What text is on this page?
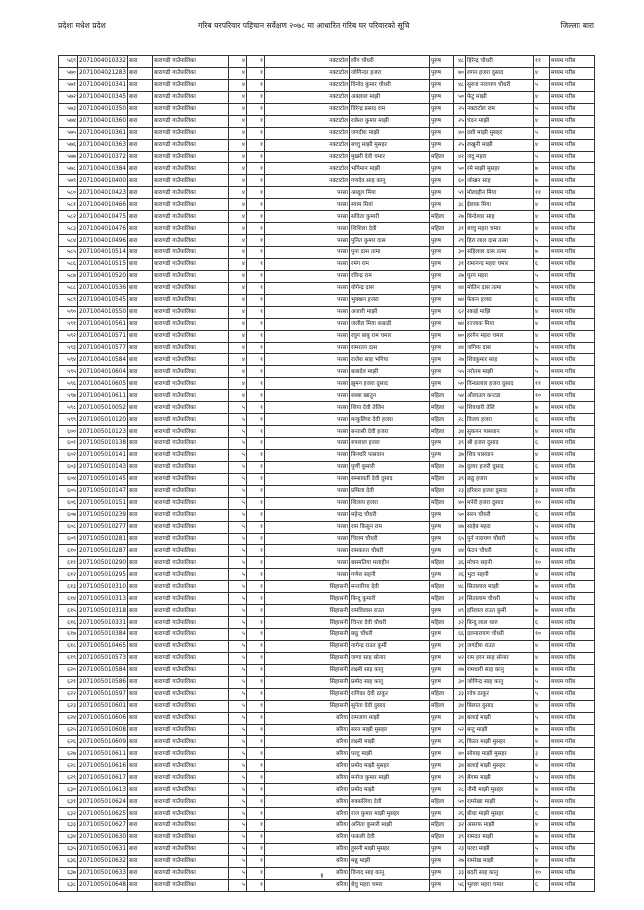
प्रदेशः मधेश प्रदेश	गरिब घरपरिवार पहिचान सर्वेक्षण २०७८ मा आधारित गरिब घर परिवारको सूचि	जिल्लाः बारा
५६९	2071004010332	बारा	बारागढी गाउँपालिका	४	१	नक्टाटोल	लौंग चौधरी	पुरुष	४८	हिरेन्द्र चौधरी	११	मध्यम गरीब
५७०	2071004021283	बारा	बारागढी गाउँपालिका	४	१	नक्टाटोल	जोगिन्दर हजरा	पुरुष	७०	लगन हजरा दुसाद	४	मध्यम गरीब
५७१	2071004010341	बारा	बारागढी गाउँपालिका	४	१	नक्टाटोल	विनोद कुमार चौधरी	पुरुष	४८	सुरुज नारायण चौधरी	५	मध्यम गरीब
५७२	2071004010345	बारा	बारागढी गाउँपालिका	४	१	नक्टाटोल	अक्लाल माझी	पुरुष	५०	फेटु माझी	४	मध्यम गरीब
५७३	2071004010350	बारा	बारागढी गाउँपालिका	४	१	नक्टाटोल	विरेन्द्र प्रसाद राम	पुरुष	२५	नक्टाटोल राम	५	मध्यम गरीब
५७४	2071004010360	बारा	बारागढी गाउँपालिका	४	१	नक्टाटोल	राकेश कुमार माझी	पुरुष	२५	चंदन माझी	४	मध्यम गरीब
५७५	2071004010361	बारा	बारागढी गाउँपालिका	४	१	नक्टाटोल	जगदीश माझी	पुरुष	४०	दशी माझी मुसहर	५	मध्यम गरीब
५७६	2071004010363	बारा	बारागढी गाउँपालिका	४	१	नक्टाटोल	बच्चु माझी मुसहर	पुरुष	२५	लखुनी माझी	४	मध्यम गरीब
५७७	2071004010372	बारा	बारागढी गाउँपालिका	४	१	नक्टाटोल	मुखरी देवी चमार	महिला	४२	जदु महरा	५	मध्यम गरीब
५७८	2071004010384	बारा	बारागढी गाउँपालिका	४	१	नक्टाटोल	भगिमान माझी	पुरुष	५०	रमे माझी मुसहर	७	मध्यम गरीब
५७९	2071004010400	बारा	बारागढी गाउँपालिका	४	१	नक्टाटोल	गणदेव साह कानु	पुरुष	६०	जोखन साह	७	मध्यम गरीब
५८०	2071004010423	बारा	बारागढी गाउँपालिका	४	१	परसा	अब्दुल मिंया	पुरुष	५९	मोलाहीन मिंया	११	मध्यम गरीब
५८१	2071004010466	बारा	बारागढी गाउँपालिका	४	१	परसा	स्याम मियां	पुरुष	३८	ईलाक मिया	४	मध्यम गरीब
५८२	2071004010475	बारा	बारागढी गाउँपालिका	४	१	परसा	सविता कुमारी	महिला	२७	बिन्देश्वर साह	४	मध्यम गरीब
५८३	2071004010476	बारा	बारागढी गाउँपालिका	४	१	परसा	शिशिला देवी	महिला	३१	बच्चु महरा चमार	४	मध्यम गरीब
५८४	2071004010496	बारा	बारागढी गाउँपालिका	४	१	परसा	पुनित कुमार दास	पुरुष	२९	हिरा लाल दास तत्मा	५	मध्यम गरीब
५८५	2071004010514	बारा	बारागढी गाउँपालिका	४	१	परसा	पुना दास तत्मा	पुरुष	३०	सहिलाल दास तत्मा	७	मध्यम गरीब
५८६	2071004010515	बारा	बारागढी गाउँपालिका	४	१	परसा	रमंग राम	पुरुष	३१	रामानन्द महरा चमार	६	मध्यम गरीब
५८७	2071004010520	बारा	बारागढी गाउँपालिका	४	१	परसा	रविन्द्र राम	पुरुष	२७	घुरन महरा	५	मध्यम गरीब
५८८	2071004010536	बारा	बारागढी गाउँपालिका	४	१	परसा	योगेन्द्र दास	पुरुष	४४	मोतिन दास तत्मा	५	मध्यम गरीब
५८९	2071004010545	बारा	बारागढी गाउँपालिका	४	१	परसा	भुक्खन हजरा	पुरुष	७४	फेकन हजरा	६	मध्यम गरीब
५९०	2071004010550	बारा	बारागढी गाउँपालिका	४	१	परसा	अजारी माझी	पुरुष	६२	रकाई माझि	४	मध्यम गरीब
५९१	2071004010561	बारा	बारागढी गाउँपालिका	४	१	परसा	जलील मिया कबाडी	पुरुष	७४	रज्जाक मिया	४	मध्यम गरीब
५९२	2071004010571	बारा	बारागढी गाउँपालिका	४	१	परसा	रघुन बाबु राम चमार	पुरुष	७०	हरगेन महरा चमार	४	मध्यम गरीब
५९३	2071004010577	बारा	बारागढी गाउँपालिका	४	१	परसा	रामरतन दास	पुरुष	४४	जगिया दास	५	मध्यम गरीब
५९४	2071004010584	बारा	बारागढी गाउँपालिका	४	१	परसा	राजेश साह भगिया	पुरुष	२७	शिवकुमार साह	५	मध्यम गरीब
५९५	2071004010604	बारा	बारागढी गाउँपालिका	४	१	परसा	बासदेव माझी	पुरुष	५५	नरोतम माझी	५	मध्यम गरीब
५९६	2071004010605	बारा	बारागढी गाउँपालिका	४	१	परसा	झुमन हजरा दुसाद	पुरुष	५०	विन्धालाल हजरा दुसाद	११	मध्यम गरीब
५९७	2071004010611	बारा	बारागढी गाउँपालिका	४	१	परसा	सब्बा खातुन	महिला	५४	औलाउल कन्टडा	१०	मध्यम गरीब
५९८	2071005010052	बारा	बारागढी गाउँपालिका	५	१	परसा	शिया देवी तेलिन	महिला	५४	शिवधारी तेलि	७	मध्यम गरीब
५९९	2071005010120	बारा	बारागढी गाउँपालिका	५	१	परसा	मन्कुलिया देवी हजरा	महिला	२८	विजय हजरा	६	मध्यम गरीब
६००	2071005010123	बारा	बारागढी गाउँपालिका	५	१	परसा	बन्तासी देवी हजरा	महिला	३४	सुकनन पासवान	४	मध्यम गरीब
६०१	2071005010138	बारा	बारागढी गाउँपालिका	५	१	परसा	रुपलाल हजरा	पुरुष	३९	श्री हजरा दुसाद	६	मध्यम गरीब
६०२	2071005010141	बारा	बारागढी गाउँपालिका	५	१	परसा	बिनधरि पासवान	पुरुष	३७	शिव पासवान	४	मध्यम गरीब
६०३	2071005010143	बारा	बारागढी गाउँपालिका	५	१	परसा	पुर्णी कुमारी	महिला	२७	दुलार हजरी दुसाद	६	मध्यम गरीब
६०४	2071005010145	बारा	बारागढी गाउँपालिका	५	१	परसा	सम्सावर्ती देवी दुसाद	महिला	३९	छठु हजरा	४	मध्यम गरीब
६०५	2071005010147	बारा	बारागढी गाउँपालिका	५	१	परसा	प्रमिला देवी	महिला	२३	हरिशन हजरा दुसाद	३	मध्यम गरीब
६०६	2071005010151	बारा	बारागढी गाउँपालिका	५	१	परसा	शिलाय हजरा	महिला	४०	मनेरी हजरा दुसाद	१०	मध्यम गरीब
६०७	2071005010239	बारा	बारागढी गाउँपालिका	५	१	परसा	महेन्द्र चौधरी	पुरुष	५०	सरन चौधरी	६	मध्यम गरीब
६०८	2071005010277	बारा	बारागढी गाउँपालिका	५	१	परसा	राम किसुन राम	पुरुष	४७	साहेब महरा	५	मध्यम गरीब
६०९	2071005010281	बारा	बारागढी गाउँपालिका	५	१	परसा	चिलम चौधरी	पुरुष	६५	पुर्न नारायण चौधरी	५	मध्यम गरीब
६१०	2071005010287	बारा	बारागढी गाउँपालिका	५	१	परसा	रामकान्त चौधरी	पुरुष	४४	फेटन चौधरी	६	मध्यम गरीब
६११	2071005010290	बारा	बारागढी गाउँपालिका	५	१	परसा	बसमतिया मलाहीन	महिला	३६	मोचन सहनी	१०	मध्यम गरीब
६१२	2071005010295	बारा	बारागढी गाउँपालिका	५	१	परसा	गणेश सहनी	पुरुष	२६	भुटा सहनी	४	मध्यम गरीब
६१३	2071005010310	बारा	बारागढी गाउँपालिका	५	१	सिहासनी	मन्तारिया देवी	महिला	४८	सितालाल माझी	७	मध्यम गरीब
६१४	2071005010313	बारा	बारागढी गाउँपालिका	५	१	सिहासनी	बिन्दु कुमारी	महिला	३१	सितालाम चौधरी	५	मध्यम गरीब
६१५	2071005010318	बारा	बारागढी गाउँपालिका	५	१	सिहासनी	रामविलास राउत	पुरुष	४९	हरिलाल राउत कुर्मी	७	मध्यम गरीब
६१६	2071005010331	बारा	बारागढी गाउँपालिका	५	१	सिहासनी	चिन्ता देवी चौधरी	महिला	३२	बिन्दु लाल थारु	६	मध्यम गरीब
६१७	2071005010384	बारा	बारागढी गाउँपालिका	५	१	सिहासनी	छठु चौधरी	पुरुष	६६	दलनारायण चौधरी	१०	मध्यम गरीब
६१८	2071005010465	बारा	बारागढी गाउँपालिका	५	१	सिहासनी	नागेन्द्र राउत कुर्मी	पुरुष	३१	जगदीश राउत	४	मध्यम गरीब
६१९	2071005010573	बारा	बारागढी गाउँपालिका	५	१	सिहासनी	जग्गा साह सोनार	पुरुष	४२	राम हरन साह सोनार	४	मध्यम गरीब
६२०	2071005010584	बारा	बारागढी गाउँपालिका	५	१	सिहासनी	लक्ष्मी साह कानु	पुरुष	४७	रामधारी साह कानु	७	मध्यम गरीब
६२१	2071005010586	बारा	बारागढी गाउँपालिका	५	१	सिहासनी	प्रमोद साह कानु	पुरुष	३०	जोगिन्द्र साह कानु	५	मध्यम गरीब
६२२	2071005010597	बारा	बारागढी गाउँपालिका	५	१	सिहासनी	रागिका देवी ठाकुर	महिला	३३	रवेत्र ठाकुर	५	मध्यम गरीब
६२३	2071005010601	बारा	बारागढी गाउँपालिका	५	१	सिहासनी	सुनेता देवी दुसाद	महिला	३४	बिलात दुसाद	४	मध्यम गरीब
६२४	2071005010606	बारा	बारागढी गाउँपालिका	५	१	बरिया	रामजाग माझी	पुरुष	३४	बलाई माझी	५	मध्यम गरीब
६२५	2071005010608	बारा	बारागढी गाउँपालिका	५	१	बरिया	सरन माझी मुसहर	पुरुष	५२	बन्टु माझी	७	मध्यम गरीब
६२६	2071005010609	बारा	बारागढी गाउँपालिका	५	१	बरिया	लक्ष्मी माझी	पुरुष	२६	फिरत माझी मुसहर	४	मध्यम गरीब
६२७	2071005010611	बारा	बारागढी गाउँपालिका	५	१	बरिया	पल्टु माझी	पुरुष	४०	सोयाइ माझी मुसहर	३	मध्यम गरीब
६२८	2071005010616	बारा	बारागढी गाउँपालिका	५	१	बरिया	प्रमोद माझी मुसहर	पुरुष	३४	बलाई माझी मुसहर	४	मध्यम गरीब
६२९	2071005010617	बारा	बारागढी गाउँपालिका	५	१	बरिया	मनोज कुमार माझी	पुरुष	२९	बेंगाम माझी	५	मध्यम गरीब
६३०	2071005010613	बारा	बारागढी गाउँपालिका	५	१	बरिया	प्रमोद माझी	पुरुष	२८	नौमी माझी मुसहर	४	मध्यम गरीब
६३१	2071005010624	बारा	बारागढी गाउँपालिका	५	१	बरिया	रुक्कलिया देवी	महिला	५०	रामरेखा माझी	५	मध्यम गरीब
६३२	2071005010625	बारा	बारागढी गाउँपालिका	५	१	बरिया	राज कुमार माझी मुसहर	पुरुष	२६	बौधा माझी मुसहर	६	मध्यम गरीब
६३३	2071005010627	बारा	बारागढी गाउँपालिका	५	१	बरिया	अनिता कुमारी माझी	महिला	३२	असरफ माझी	४	मध्यम गरीब
६३४	2071005010630	बारा	बारागढी गाउँपालिका	५	१	बरिया	फकली देवी	महिला	३९	रामदत माझी	७	मध्यम गरीब
६३५	2071005010631	बारा	बारागढी गाउँपालिका	५	१	बरिया	हुसनी माझी मुसहर	पुरुष	२३	पल्टा माझी	५	मध्यम गरीब
६३६	2071005010632	बारा	बारागढी गाउँपालिका	५	१	बरिया	मन्नु माझी	पुरुष	२७	रामरेख माझी	४	मध्यम गरीब
६३७	2071005010633	बारा	बारागढी गाउँपालिका	५	१	बरिया	विनाद साह कानु	पुरुष	३३	बदरी साह कानु	१०	मध्यम गरीब
६३८	2071005010648	बारा	बारागढी गाउँपालिका	५	१	बरिया	बेचु महरा चमार	पुरुष	५६	भुल्ला महरा चमार	६	मध्यम गरीब
१
